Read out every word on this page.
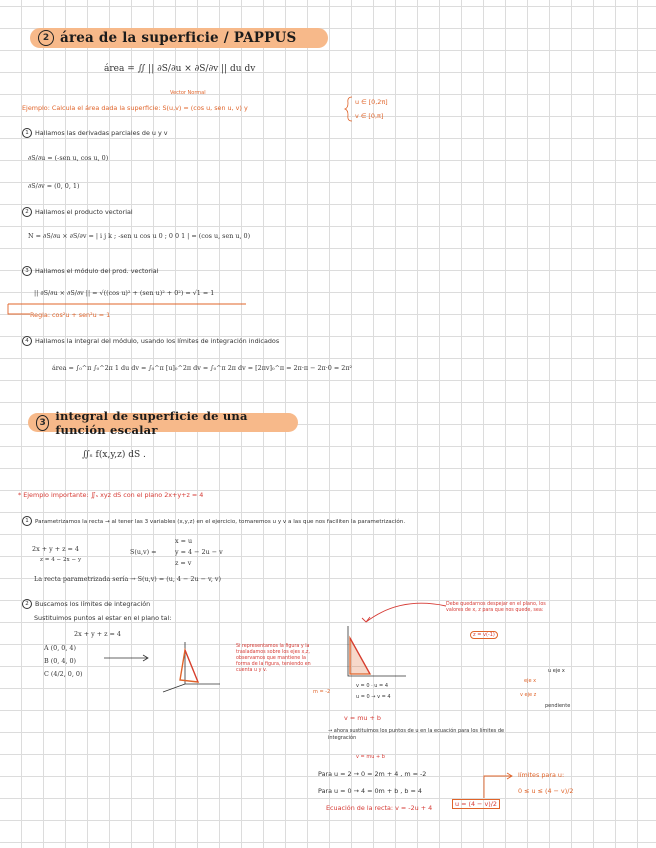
2 área de la superficie / PAPPUS
área = ∬ || ∂S/∂u × ∂S/∂v || du dv
Vector Normal
Ejemplo: Calcula el área dada la superficie: S(u,v) = (cos u, sen u, v) y
u ∈ [0,2π]
v ∈ [0,π]
1 Hallamos las derivadas parciales de u y v
∂S/∂u = (-sen u, cos u, 0)
∂S/∂v = (0, 0, 1)
2 Hallamos el producto vectorial
N = ∂S/∂u × ∂S/∂v = | i j k ; -sen u cos u 0 ; 0 0 1 | = (cos u, sen u, 0)
3 Hallamos el módulo del prod. vectorial
|| ∂S/∂u × ∂S/∂v || = √((cos u)² + (sen u)² + 0²) = √1 = 1
Regla: cos²u + sen²u = 1
4 Hallamos la integral del módulo, usando los límites de integración indicados
área = ∫₀^π ∫₀^2π 1 du dv = ∫₀^π [u]₀^2π dv = ∫₀^π 2π dv = [2πv]₀^π = 2π·π − 2π·0 = 2π²
3 integral de superficie de una función escalar
∬ₛ f(x,y,z) dS .
* Ejemplo importante: ∬ₛ xyz dS con el plano 2x+y+z = 4
1 Parametrizamos la recta → al tener las 3 variables (x,y,z) en el ejercicio, tomaremos u y v a las que nos faciliten la parametrización.
2x + y + z = 4
z = 4 − 2x − y
S(u,v) =
x = u
y = 4 − 2u − v
z = v
La recta parametrizada sería → S(u,v) = (u, 4 − 2u − v, v)
2 Buscamos los límites de integración
Sustituimos puntos al estar en el plano tal:
2x + y + z = 4
A (0, 0, 4)
B (0, 4, 0)
C (4/2, 0, 0)
Si representamos la figura y la trasladamos sobre los ejes x,z, observamos que mantiene la forma de la figura, teniendo en cuenta u y v.
Debe quedarnos despejar en el plano, los valores de x, z para que nos quede, sea:
z = v(-1)
v = 0 · u = 4
u = 0 → v = 4
u eje x
eje x
v eje z
pendiente
m = -2
v = mu + b
→ ahora sustituimos los puntos de u en la ecuación para los límites de integración
v = mu + b
Para u = 2 → 0 = 2m + 4 , m = -2
Para u = 0 → 4 = 0m + b , b = 4
Ecuación de la recta: v = -2u + 4	u = (4 − v)/2
límites para u:
0 ≤ u ≤ (4 − v)/2
